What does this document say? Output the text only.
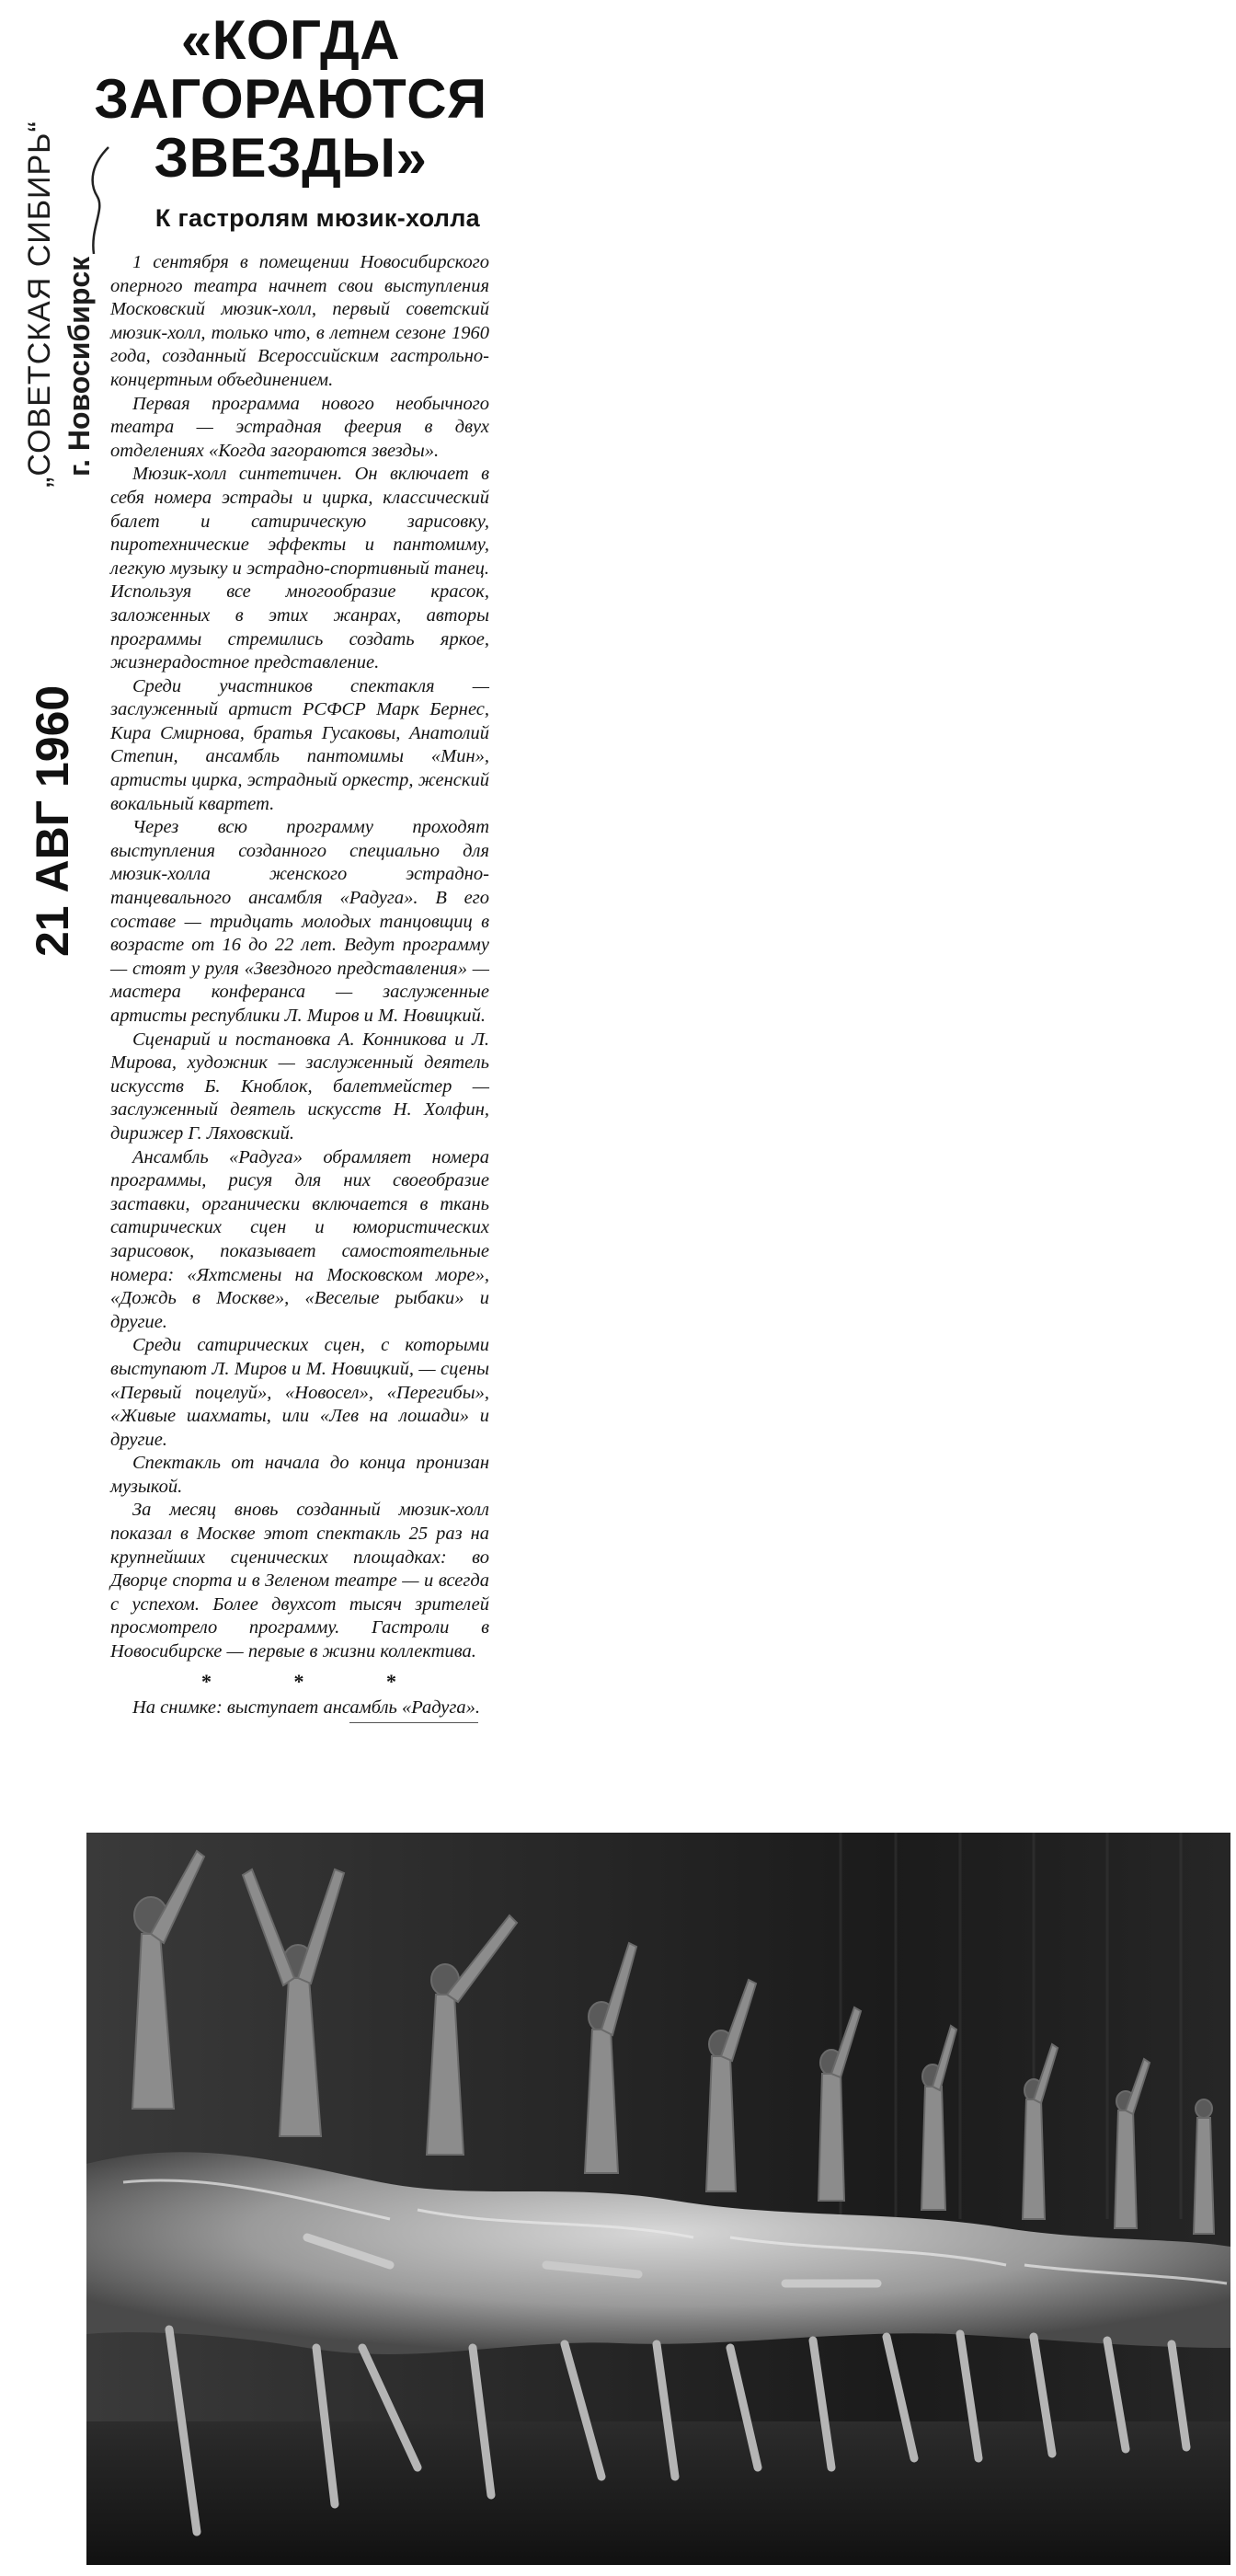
„СОВЕТСКАЯ СИБИРЬ“ г. Новосибирск
21 АВГ 1960
«КОГДА
ЗАГОРАЮТСЯ
ЗВЕЗДЫ»
К гастролям мюзик-холла

1 сентября в помещении Новосибирского оперного театра начнет свои выступления Московский мюзик-холл, первый советский мюзик-холл, только что, в летнем сезоне 1960 года, созданный Всероссийским гастрольно-концертным объединением.

Первая программа нового необычного театра — эстрадная феерия в двух отделениях «Когда загораются звезды».

Мюзик-холл синтетичен. Он включает в себя номера эстрады и цирка, классический балет и сатирическую зарисовку, пиротехнические эффекты и пантомиму, легкую музыку и эстрадно-спортивный танец. Используя все многообразие красок, заложенных в этих жанрах, авторы программы стремились создать яркое, жизнерадостное представление.

Среди участников спектакля — заслуженный артист РСФСР Марк Бернес, Кира Смирнова, братья Гусаковы, Анатолий Степин, ансамбль пантомимы «Мин», артисты цирка, эстрадный оркестр, женский вокальный квартет.

Через всю программу проходят выступления созданного специально для мюзик-холла женского эстрадно-танцевального ансамбля «Радуга». В его составе — тридцать молодых танцовщиц в возрасте от 16 до 22 лет. Ведут программу — стоят у руля «Звездного представления» — мастера конферанса — заслуженные артисты республики Л. Миров и М. Новицкий.

Сценарий и постановка А. Конникова и Л. Мирова, художник — заслуженный деятель искусств Б. Кноблок, балетмейстер — заслуженный деятель искусств Н. Холфин, дирижер Г. Ляховский.

Ансамбль «Радуга» обрамляет номера программы, рисуя для них своеобразие заставки, органически включается в ткань сатирических сцен и юмористических зарисовок, показывает самостоятельные номера: «Яхтсмены на Московском море», «Дождь в Москве», «Веселые рыбаки» и другие.

Среди сатирических сцен, с которыми выступают Л. Миров и М. Новицкий, — сцены «Первый поцелуй», «Новосел», «Перегибы», «Живые шахматы, или «Лев на лошади» и другие.

Спектакль от начала до конца пронизан музыкой.

За месяц вновь созданный мюзик-холл показал в Москве этот спектакль 25 раз на крупнейших сценических площадках: во Дворце спорта и в Зеленом театре — и всегда с успехом. Более двухсот тысяч зрителей просмотрело программу. Гастроли в Новосибирске — первые в жизни коллектива.

* * *

На снимке: выступает ансамбль «Радуга».
